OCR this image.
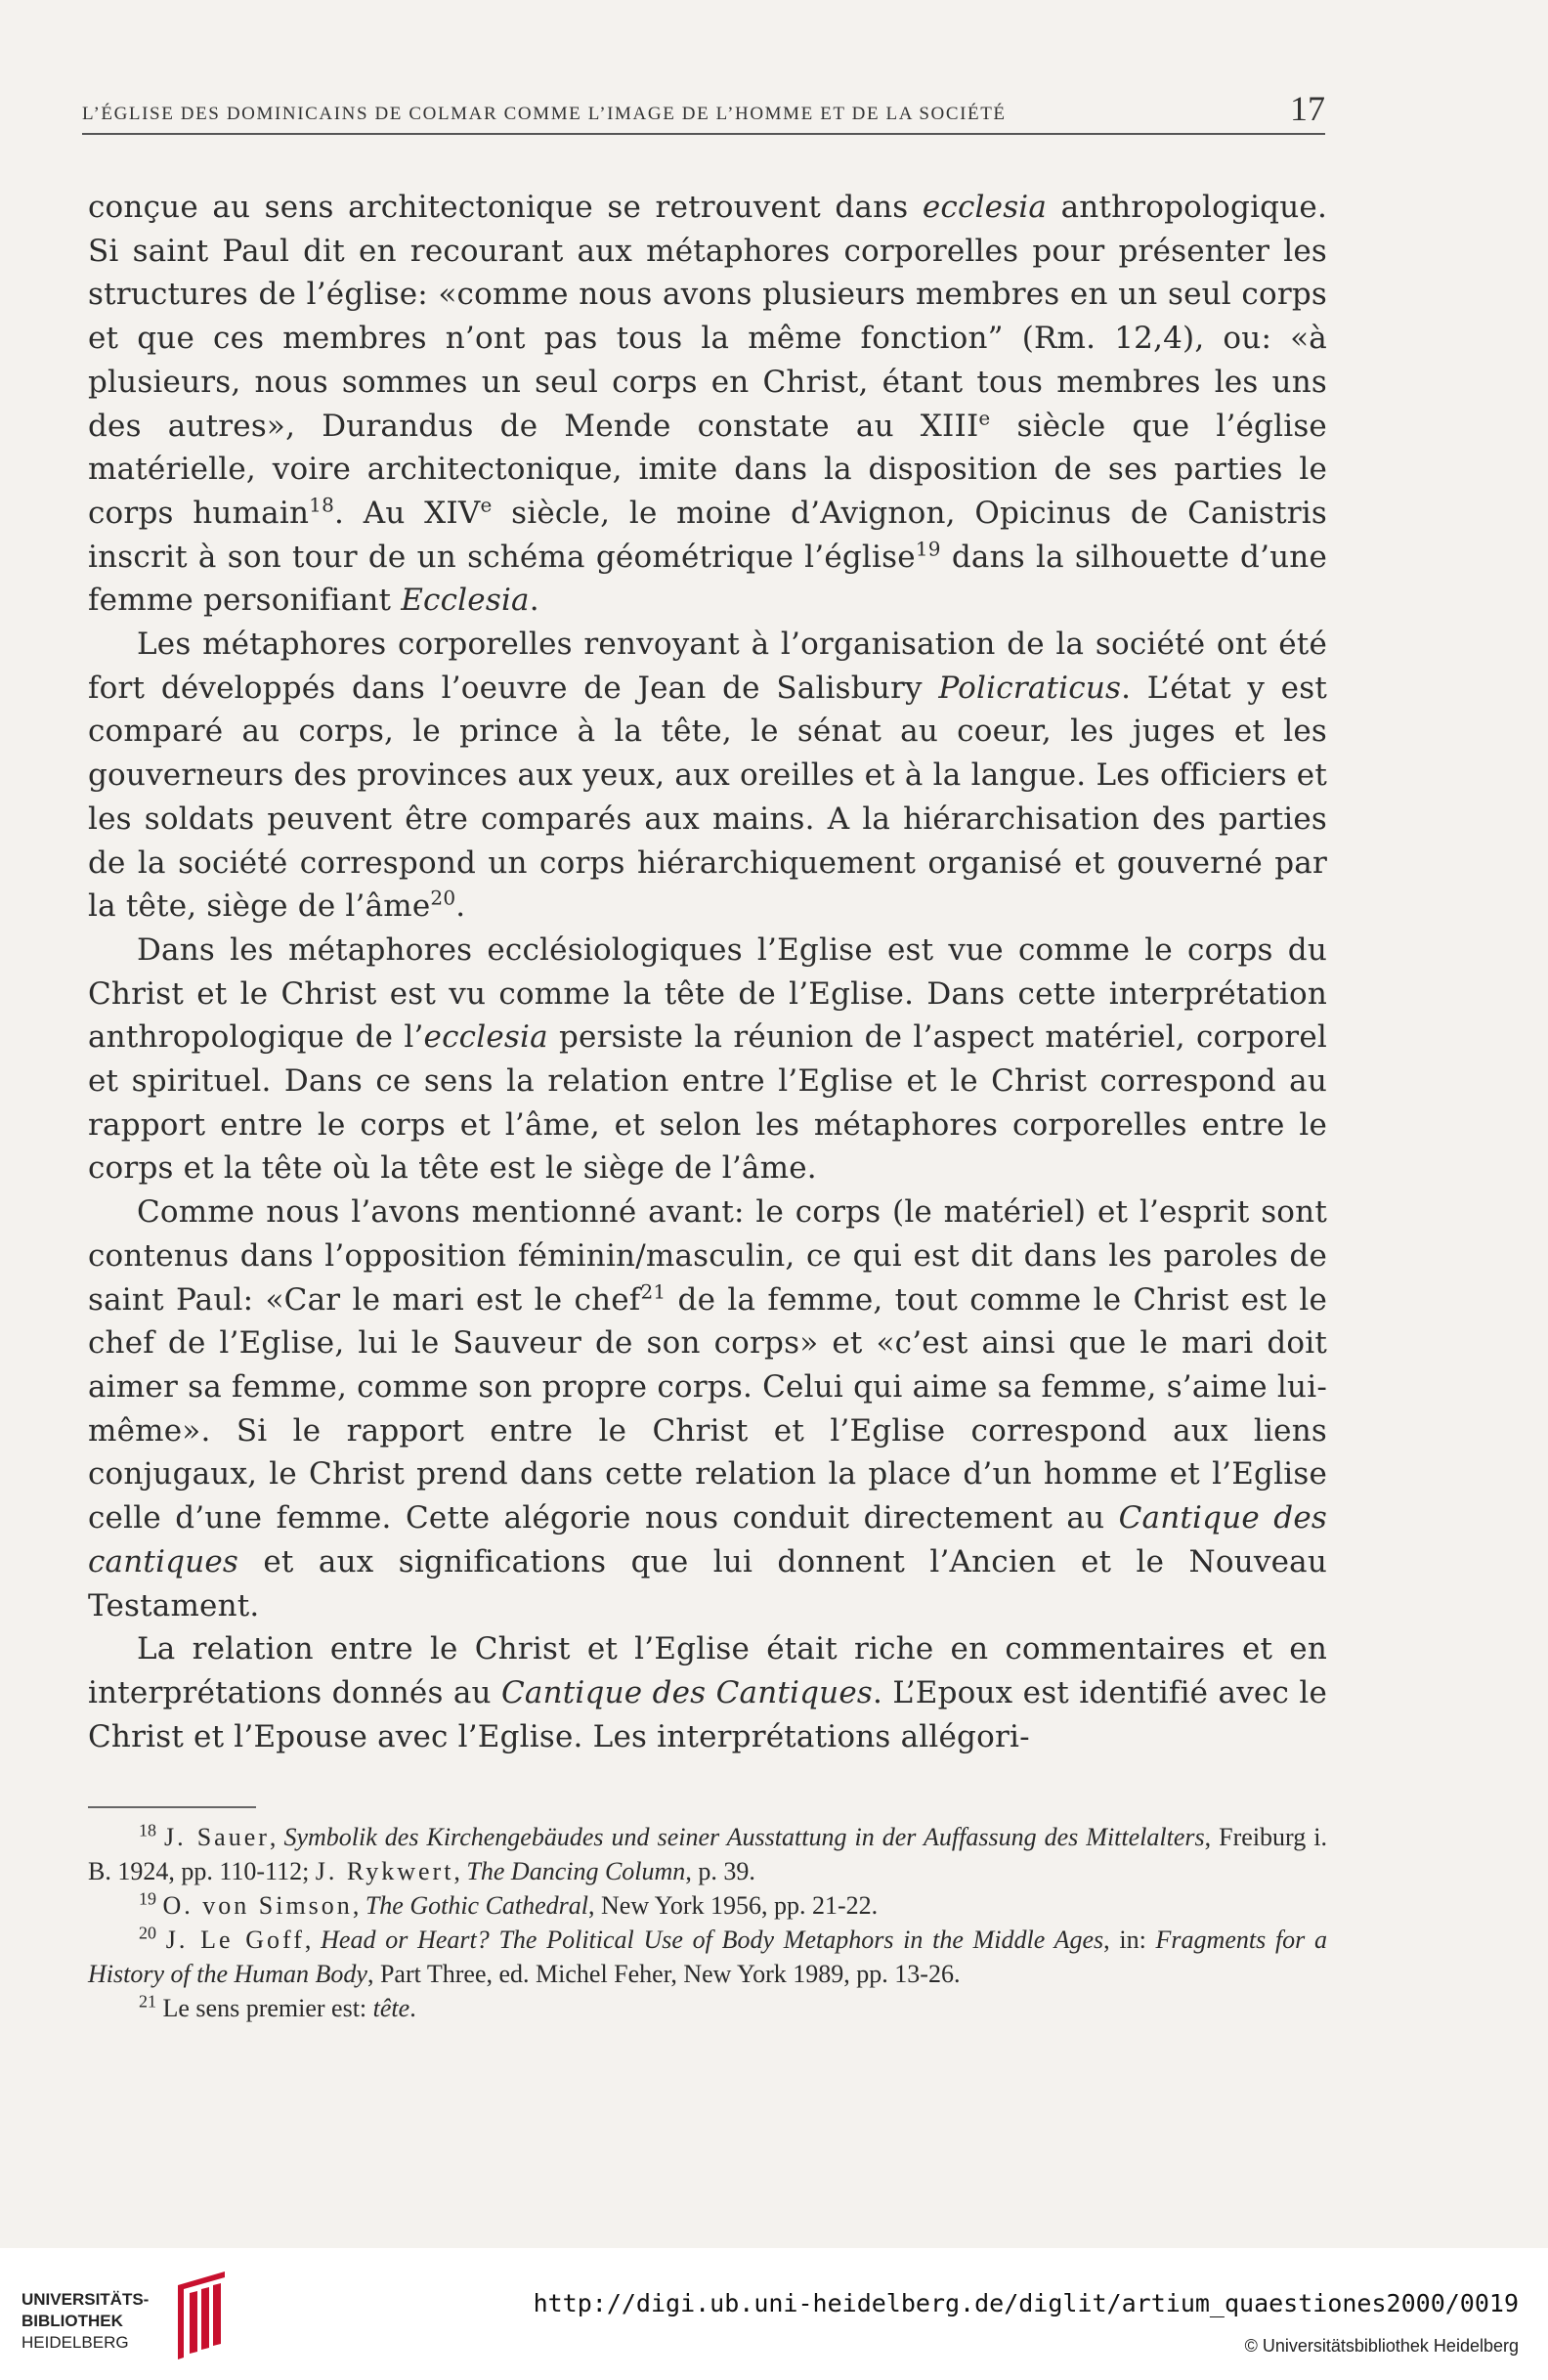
L’ÉGLISE DES DOMINICAINS DE COLMAR COMME L’IMAGE DE L’HOMME ET DE LA SOCIÉTÉ	17

conçue au sens architectonique se retrouvent dans ecclesia anthropologique. Si saint Paul dit en recourant aux métaphores corporelles pour présenter les structures de l’église: «comme nous avons plusieurs membres en un seul corps et que ces membres n’ont pas tous la même fonction” (Rm. 12,4), ou: «à plusieurs, nous sommes un seul corps en Christ, étant tous membres les uns des autres», Durandus de Mende constate au XIIIe siècle que l’église matérielle, voire architectonique, imite dans la disposition de ses parties le corps humain$^{18}$. Au XIVe siècle, le moine d’Avignon, Opicinus de Canistris inscrit à son tour de un schéma géométrique l’église$^{19}$ dans la silhouette d’une femme personifiant Ecclesia.

Les métaphores corporelles renvoyant à l’organisation de la société ont été fort développés dans l’oeuvre de Jean de Salisbury Policraticus. L’état y est comparé au corps, le prince à la tête, le sénat au coeur, les juges et les gouverneurs des provinces aux yeux, aux oreilles et à la langue. Les officiers et les soldats peuvent être comparés aux mains. A la hiérarchisation des parties de la société correspond un corps hiérarchiquement organisé et gouverné par la tête, siège de l’âme$^{20}$.

Dans les métaphores ecclésiologiques l’Eglise est vue comme le corps du Christ et le Christ est vu comme la tête de l’Eglise. Dans cette interprétation anthropologique de l’ecclesia persiste la réunion de l’aspect matériel, corporel et spirituel. Dans ce sens la relation entre l’Eglise et le Christ correspond au rapport entre le corps et l’âme, et selon les métaphores corporelles entre le corps et la tête où la tête est le siège de l’âme.

Comme nous l’avons mentionné avant: le corps (le matériel) et l’esprit sont contenus dans l’opposition féminin/masculin, ce qui est dit dans les paroles de saint Paul: «Car le mari est le chef$^{21}$ de la femme, tout comme le Christ est le chef de l’Eglise, lui le Sauveur de son corps» et «c’est ainsi que le mari doit aimer sa femme, comme son propre corps. Celui qui aime sa femme, s’aime lui-même». Si le rapport entre le Christ et l’Eglise correspond aux liens conjugaux, le Christ prend dans cette relation la place d’un homme et l’Eglise celle d’une femme. Cette alégorie nous conduit directement au Cantique des cantiques et aux significations que lui donnent l’Ancien et le Nouveau Testament.

La relation entre le Christ et l’Eglise était riche en commentaires et en interprétations donnés au Cantique des Cantiques. L’Epoux est identifié avec le Christ et l’Epouse avec l’Eglise. Les interprétations allégori-

$^{18}$ J. Sauer, Symbolik des Kirchengebäudes und seiner Ausstattung in der Auffassung des Mittelalters, Freiburg i. B. 1924, pp. 110-112; J. Rykwert, The Dancing Column, p. 39.

$^{19}$ O. von Simson, The Gothic Cathedral, New York 1956, pp. 21-22.

$^{20}$ J. Le Goff, Head or Heart? The Political Use of Body Metaphors in the Middle Ages, in: Fragments for a History of the Human Body, Part Three, ed. Michel Feher, New York 1989, pp. 13-26.

$^{21}$ Le sens premier est: tête.

UNIVERSITÄTS-
BIBLIOTHEK
HEIDELBERG
http://digi.ub.uni-heidelberg.de/diglit/artium_quaestiones2000/0019
© Universitätsbibliothek Heidelberg
